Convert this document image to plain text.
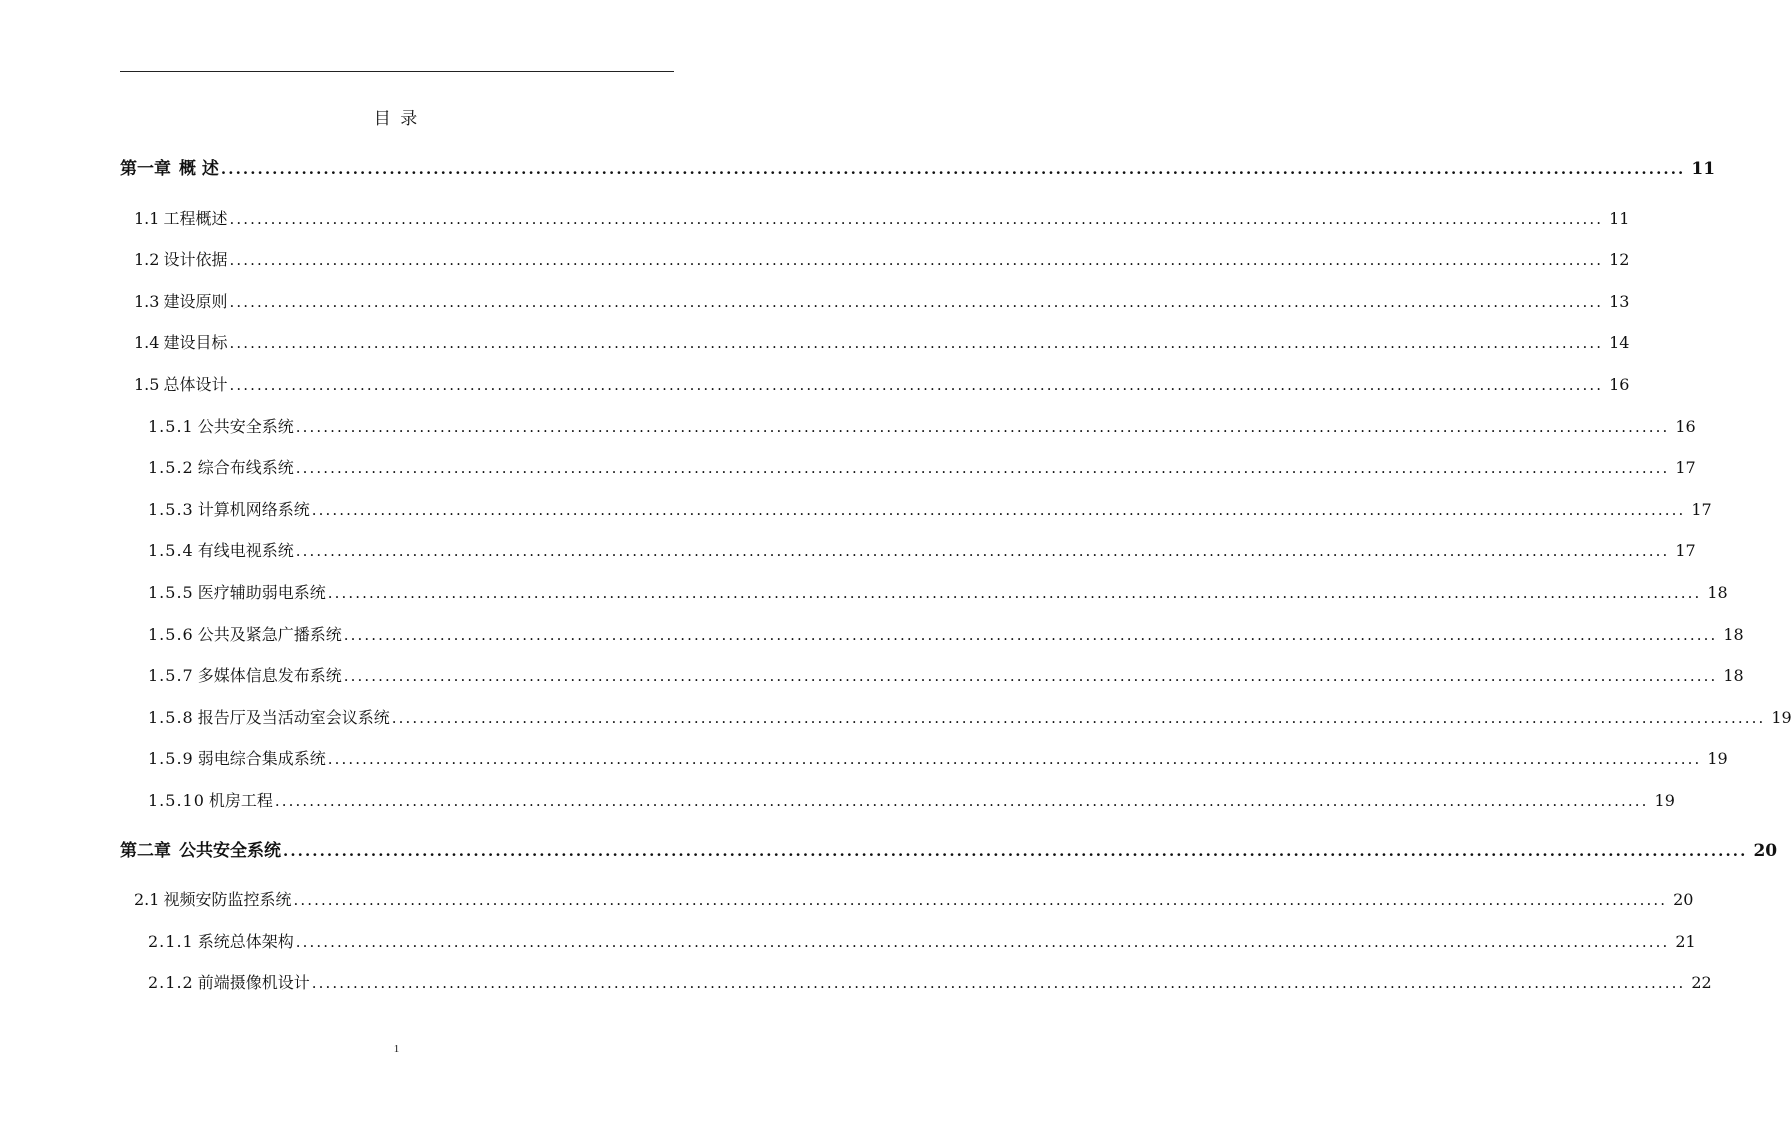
目 录
第一章 概 述 ........................................................................................................................................................................................................ 11
1.1 工程概述 ........................................................................................................................................................................................................ 11
1.2 设计依据 ........................................................................................................................................................................................................ 12
1.3 建设原则 ........................................................................................................................................................................................................ 13
1.4 建设目标 ........................................................................................................................................................................................................ 14
1.5 总体设计 ........................................................................................................................................................................................................ 16
1.5.1 公共安全系统 ........................................................................................................................................................................................................ 16
1.5.2 综合布线系统 ........................................................................................................................................................................................................ 17
1.5.3 计算机网络系统 ........................................................................................................................................................................................................ 17
1.5.4 有线电视系统 ........................................................................................................................................................................................................ 17
1.5.5 医疗辅助弱电系统 ........................................................................................................................................................................................................ 18
1.5.6 公共及紧急广播系统 ........................................................................................................................................................................................................ 18
1.5.7 多媒体信息发布系统 ........................................................................................................................................................................................................ 18
1.5.8 报告厅及当活动室会议系统 ........................................................................................................................................................................................................ 19
1.5.9 弱电综合集成系统 ........................................................................................................................................................................................................ 19
1.5.10 机房工程 ........................................................................................................................................................................................................ 19
第二章 公共安全系统 ........................................................................................................................................................................................................ 20
2.1 视频安防监控系统 ........................................................................................................................................................................................................ 20
2.1.1 系统总体架构 ........................................................................................................................................................................................................ 21
2.1.2 前端摄像机设计 ........................................................................................................................................................................................................ 22
1
